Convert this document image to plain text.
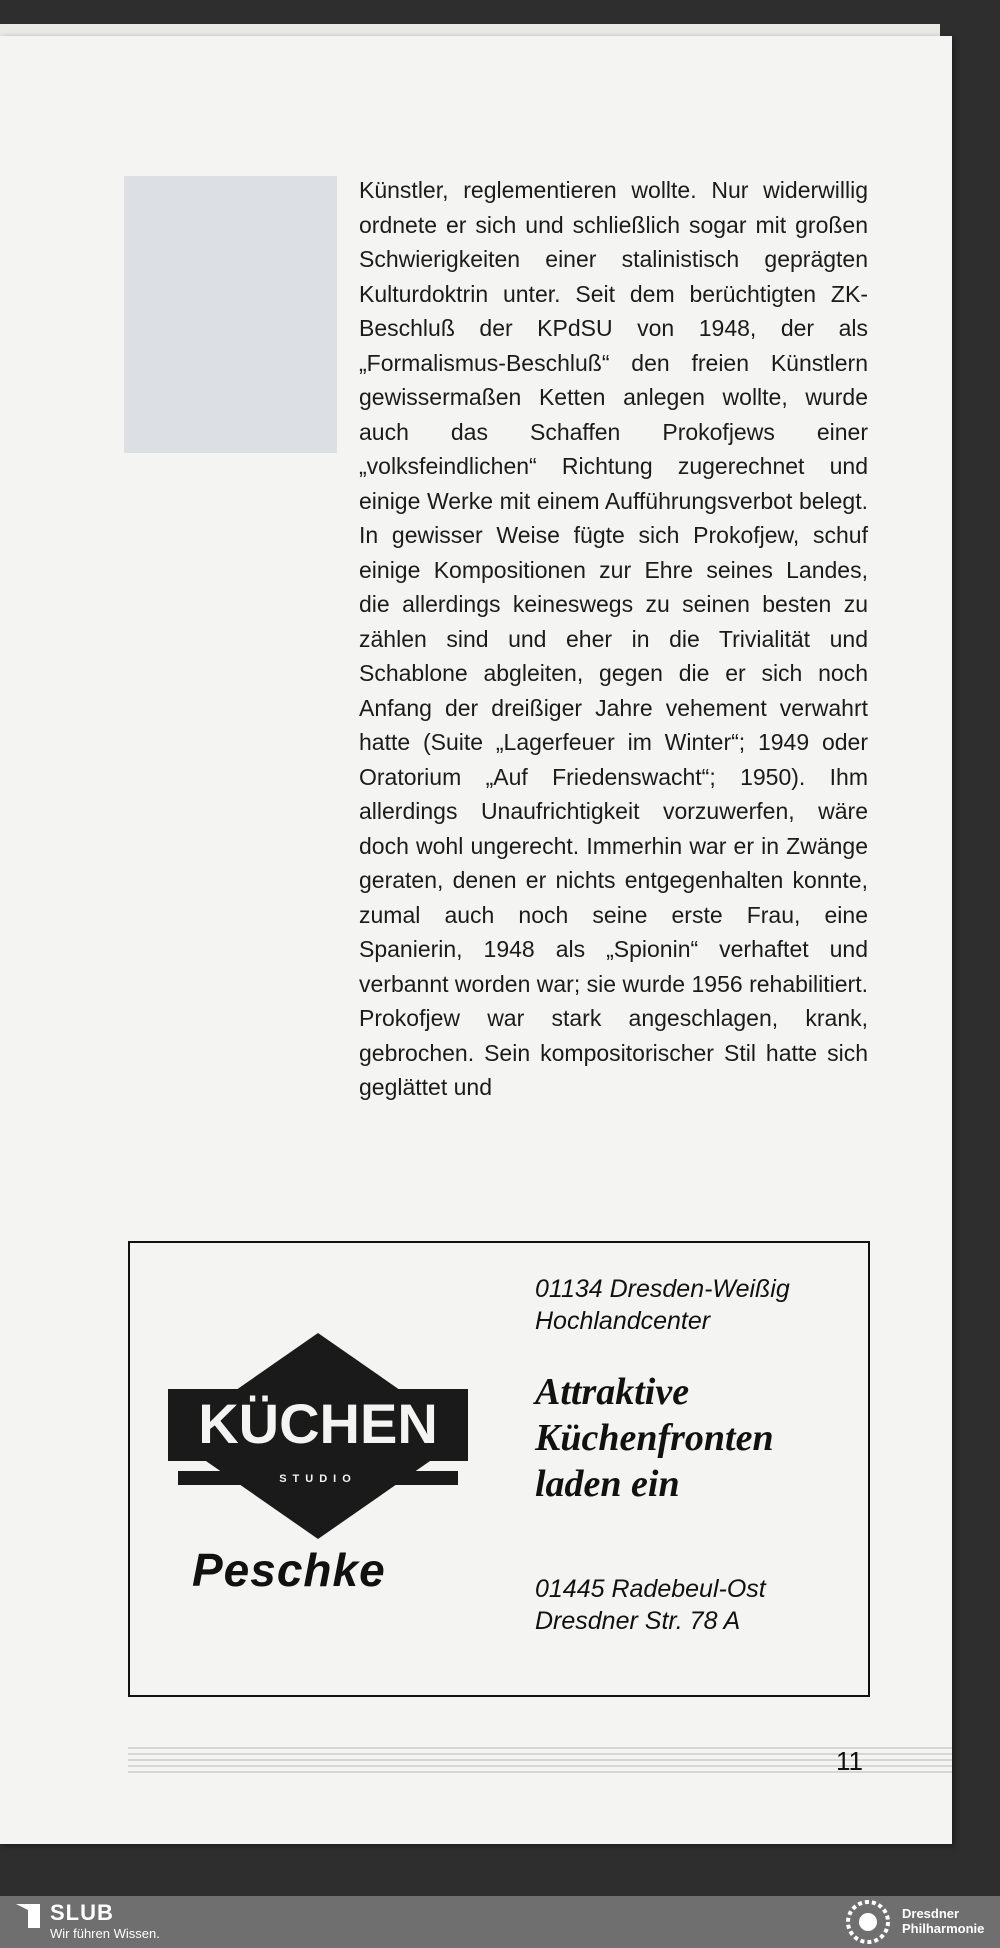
Künstler, reglementieren wollte. Nur widerwillig ordnete er sich und schließlich sogar mit großen Schwierigkeiten einer stalinistisch geprägten Kulturdoktrin unter. Seit dem berüchtigten ZK-Beschluß der KPdSU von 1948, der als „Formalismus-Beschluß“ den freien Künstlern gewissermaßen Ketten anlegen wollte, wurde auch das Schaffen Prokofjews einer „volksfeindlichen“ Richtung zugerechnet und einige Werke mit einem Aufführungsverbot belegt. In gewisser Weise fügte sich Prokofjew, schuf einige Kompositionen zur Ehre seines Landes, die allerdings keineswegs zu seinen besten zu zählen sind und eher in die Trivialität und Schablone abgleiten, gegen die er sich noch Anfang der dreißiger Jahre vehement verwahrt hatte (Suite „Lagerfeuer im Winter“; 1949 oder Oratorium „Auf Friedenswacht“; 1950). Ihm allerdings Unaufrichtigkeit vorzuwerfen, wäre doch wohl ungerecht. Immerhin war er in Zwänge geraten, denen er nichts entgegenhalten konnte, zumal auch noch seine erste Frau, eine Spanierin, 1948 als „Spionin“ verhaftet und verbannt worden war; sie wurde 1956 rehabilitiert. Prokofjew war stark angeschlagen, krank, gebrochen. Sein kompositorischer Stil hatte sich geglättet und

01134 Dresden-Weißig
Hochlandcenter
Attraktive
Küchenfronten
laden ein
KÜCHEN
STUDIO
Peschke	01445 Radebeul-Ost
Dresdner Str. 78 A
11
SLUB
Wir führen Wissen.
Dresdner
Philharmonie
